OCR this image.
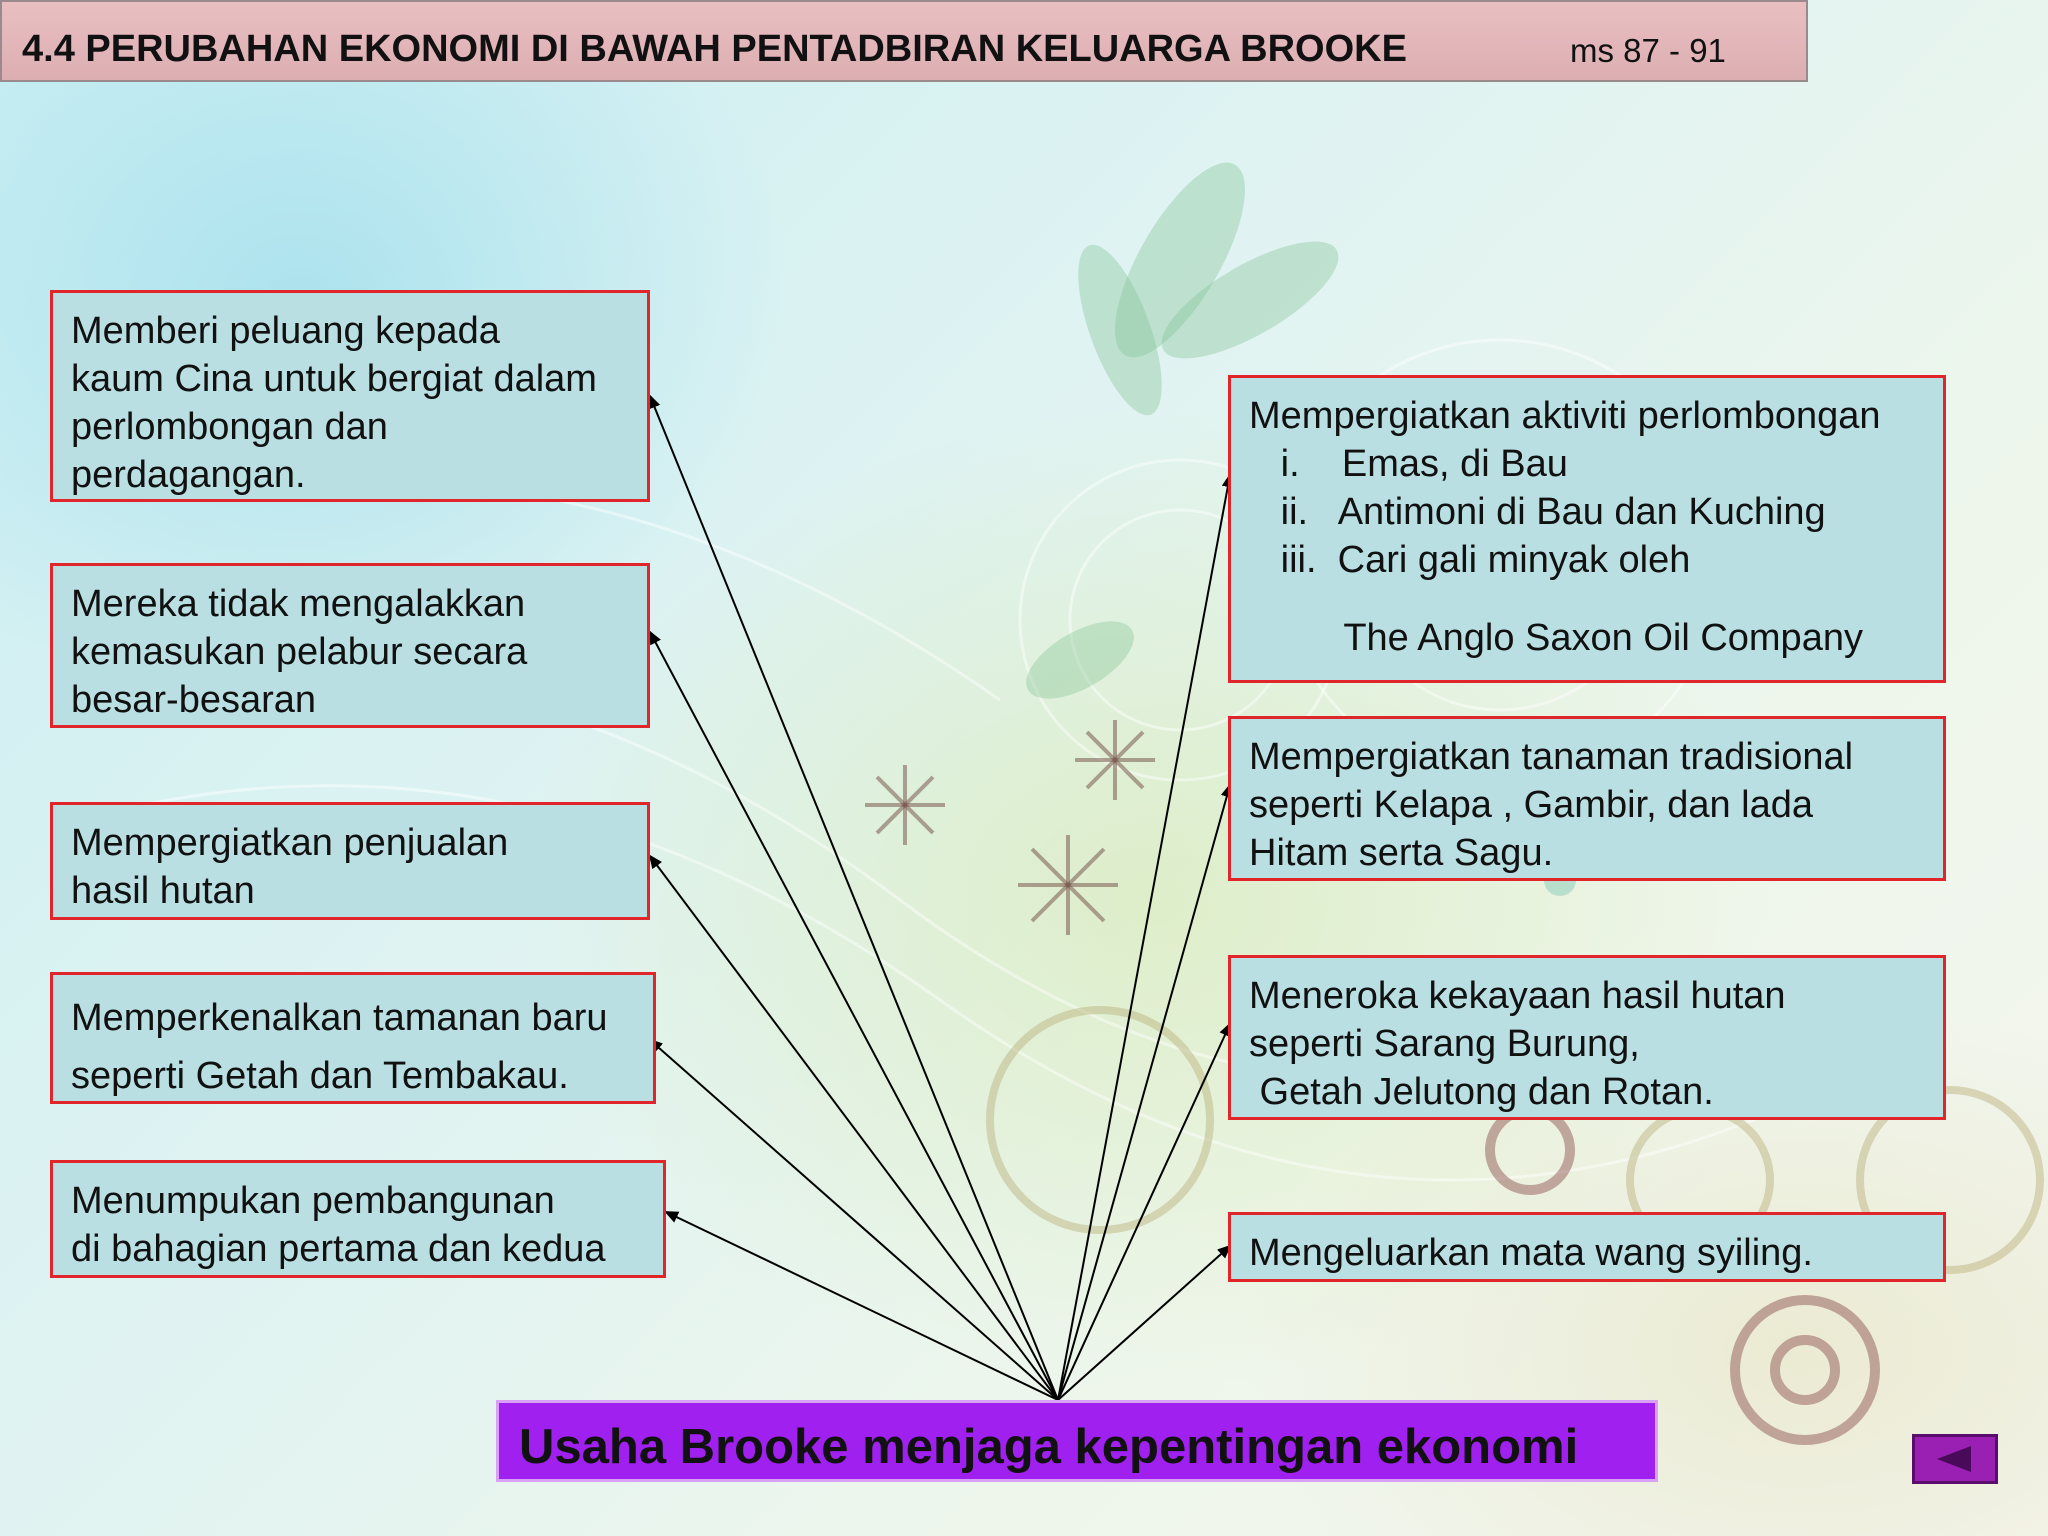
4.4 PERUBAHAN EKONOMI DI BAWAH PENTADBIRAN KELUARGA BROOKE	ms 87 - 91
Memberi peluang kepada
kaum Cina untuk bergiat dalam
perlombongan dan
perdagangan.
Mereka tidak mengalakkan
kemasukan pelabur secara
besar-besaran
Mempergiatkan penjualan
hasil hutan
Memperkenalkan tamanan baru
seperti Getah dan Tembakau.
Menumpukan pembangunan
di bahagian pertama dan kedua
Mempergiatkan aktiviti perlombongan
i.    Emas, di Bau
ii.   Antimoni di Bau dan Kuching
iii.  Cari gali minyak oleh
The Anglo Saxon Oil Company
Mempergiatkan tanaman tradisional
seperti Kelapa , Gambir, dan lada
Hitam serta Sagu.
Meneroka kekayaan hasil hutan
seperti Sarang Burung,
Getah Jelutong dan Rotan.
Mengeluarkan mata wang syiling.
Usaha Brooke menjaga kepentingan ekonomi
